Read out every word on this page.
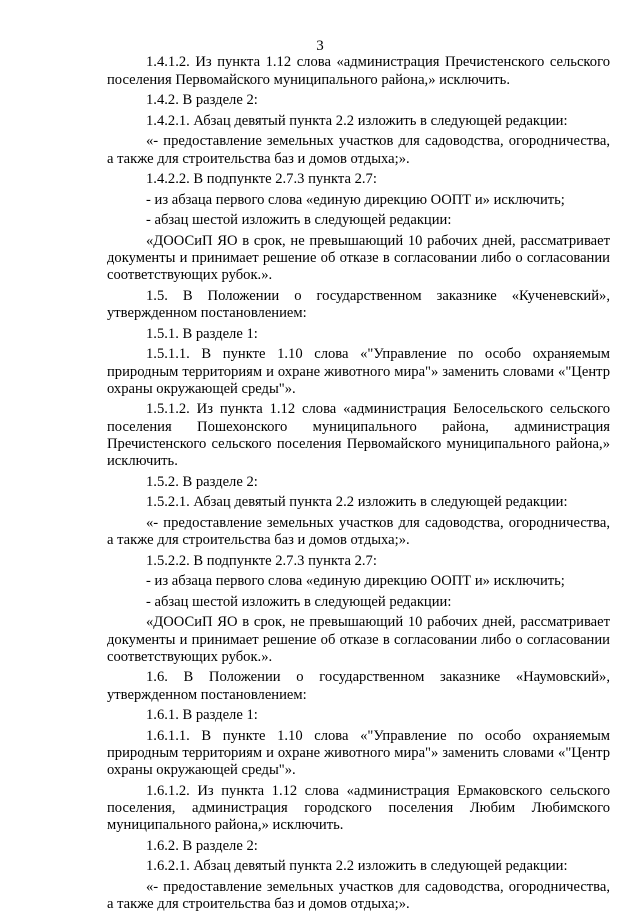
3

1.4.1.2. Из пункта 1.12 слова «администрация Пречистенского сельского поселения Первомайского муниципального района,» исключить.

1.4.2. В разделе 2:

1.4.2.1. Абзац девятый пункта 2.2 изложить в следующей редакции:

«- предоставление земельных участков для садоводства, огородничества, а также для строительства баз и домов отдыха;».

1.4.2.2. В подпункте 2.7.3 пункта 2.7:

- из абзаца первого слова «единую дирекцию ООПТ и» исключить;

- абзац шестой изложить в следующей редакции:

«ДООСиП ЯО в срок, не превышающий 10 рабочих дней, рассматривает документы и принимает решение об отказе в согласовании либо о согласовании соответствующих рубок.».

1.5. В Положении о государственном заказнике «Кученевский», утвержденном постановлением:

1.5.1. В разделе 1:

1.5.1.1. В пункте 1.10 слова «"Управление по особо охраняемым природным территориям и охране животного мира"» заменить словами «"Центр охраны окружающей среды"».

1.5.1.2. Из пункта 1.12 слова «администрация Белосельского сельского поселения Пошехонского муниципального района, администрация Пречистенского сельского поселения Первомайского муниципального района,» исключить.

1.5.2. В разделе 2:

1.5.2.1. Абзац девятый пункта 2.2 изложить в следующей редакции:

«- предоставление земельных участков для садоводства, огородничества, а также для строительства баз и домов отдыха;».

1.5.2.2. В подпункте 2.7.3 пункта 2.7:

- из абзаца первого слова «единую дирекцию ООПТ и» исключить;

- абзац шестой изложить в следующей редакции:

«ДООСиП ЯО в срок, не превышающий 10 рабочих дней, рассматривает документы и принимает решение об отказе в согласовании либо о согласовании соответствующих рубок.».

1.6. В Положении о государственном заказнике «Наумовский», утвержденном постановлением:

1.6.1. В разделе 1:

1.6.1.1. В пункте 1.10 слова «"Управление по особо охраняемым природным территориям и охране животного мира"» заменить словами «"Центр охраны окружающей среды"».

1.6.1.2. Из пункта 1.12 слова «администрация Ермаковского сельского поселения, администрация городского поселения Любим Любимского муниципального района,» исключить.

1.6.2. В разделе 2:

1.6.2.1. Абзац девятый пункта 2.2 изложить в следующей редакции:

«- предоставление земельных участков для садоводства, огородничества, а также для строительства баз и домов отдыха;».
